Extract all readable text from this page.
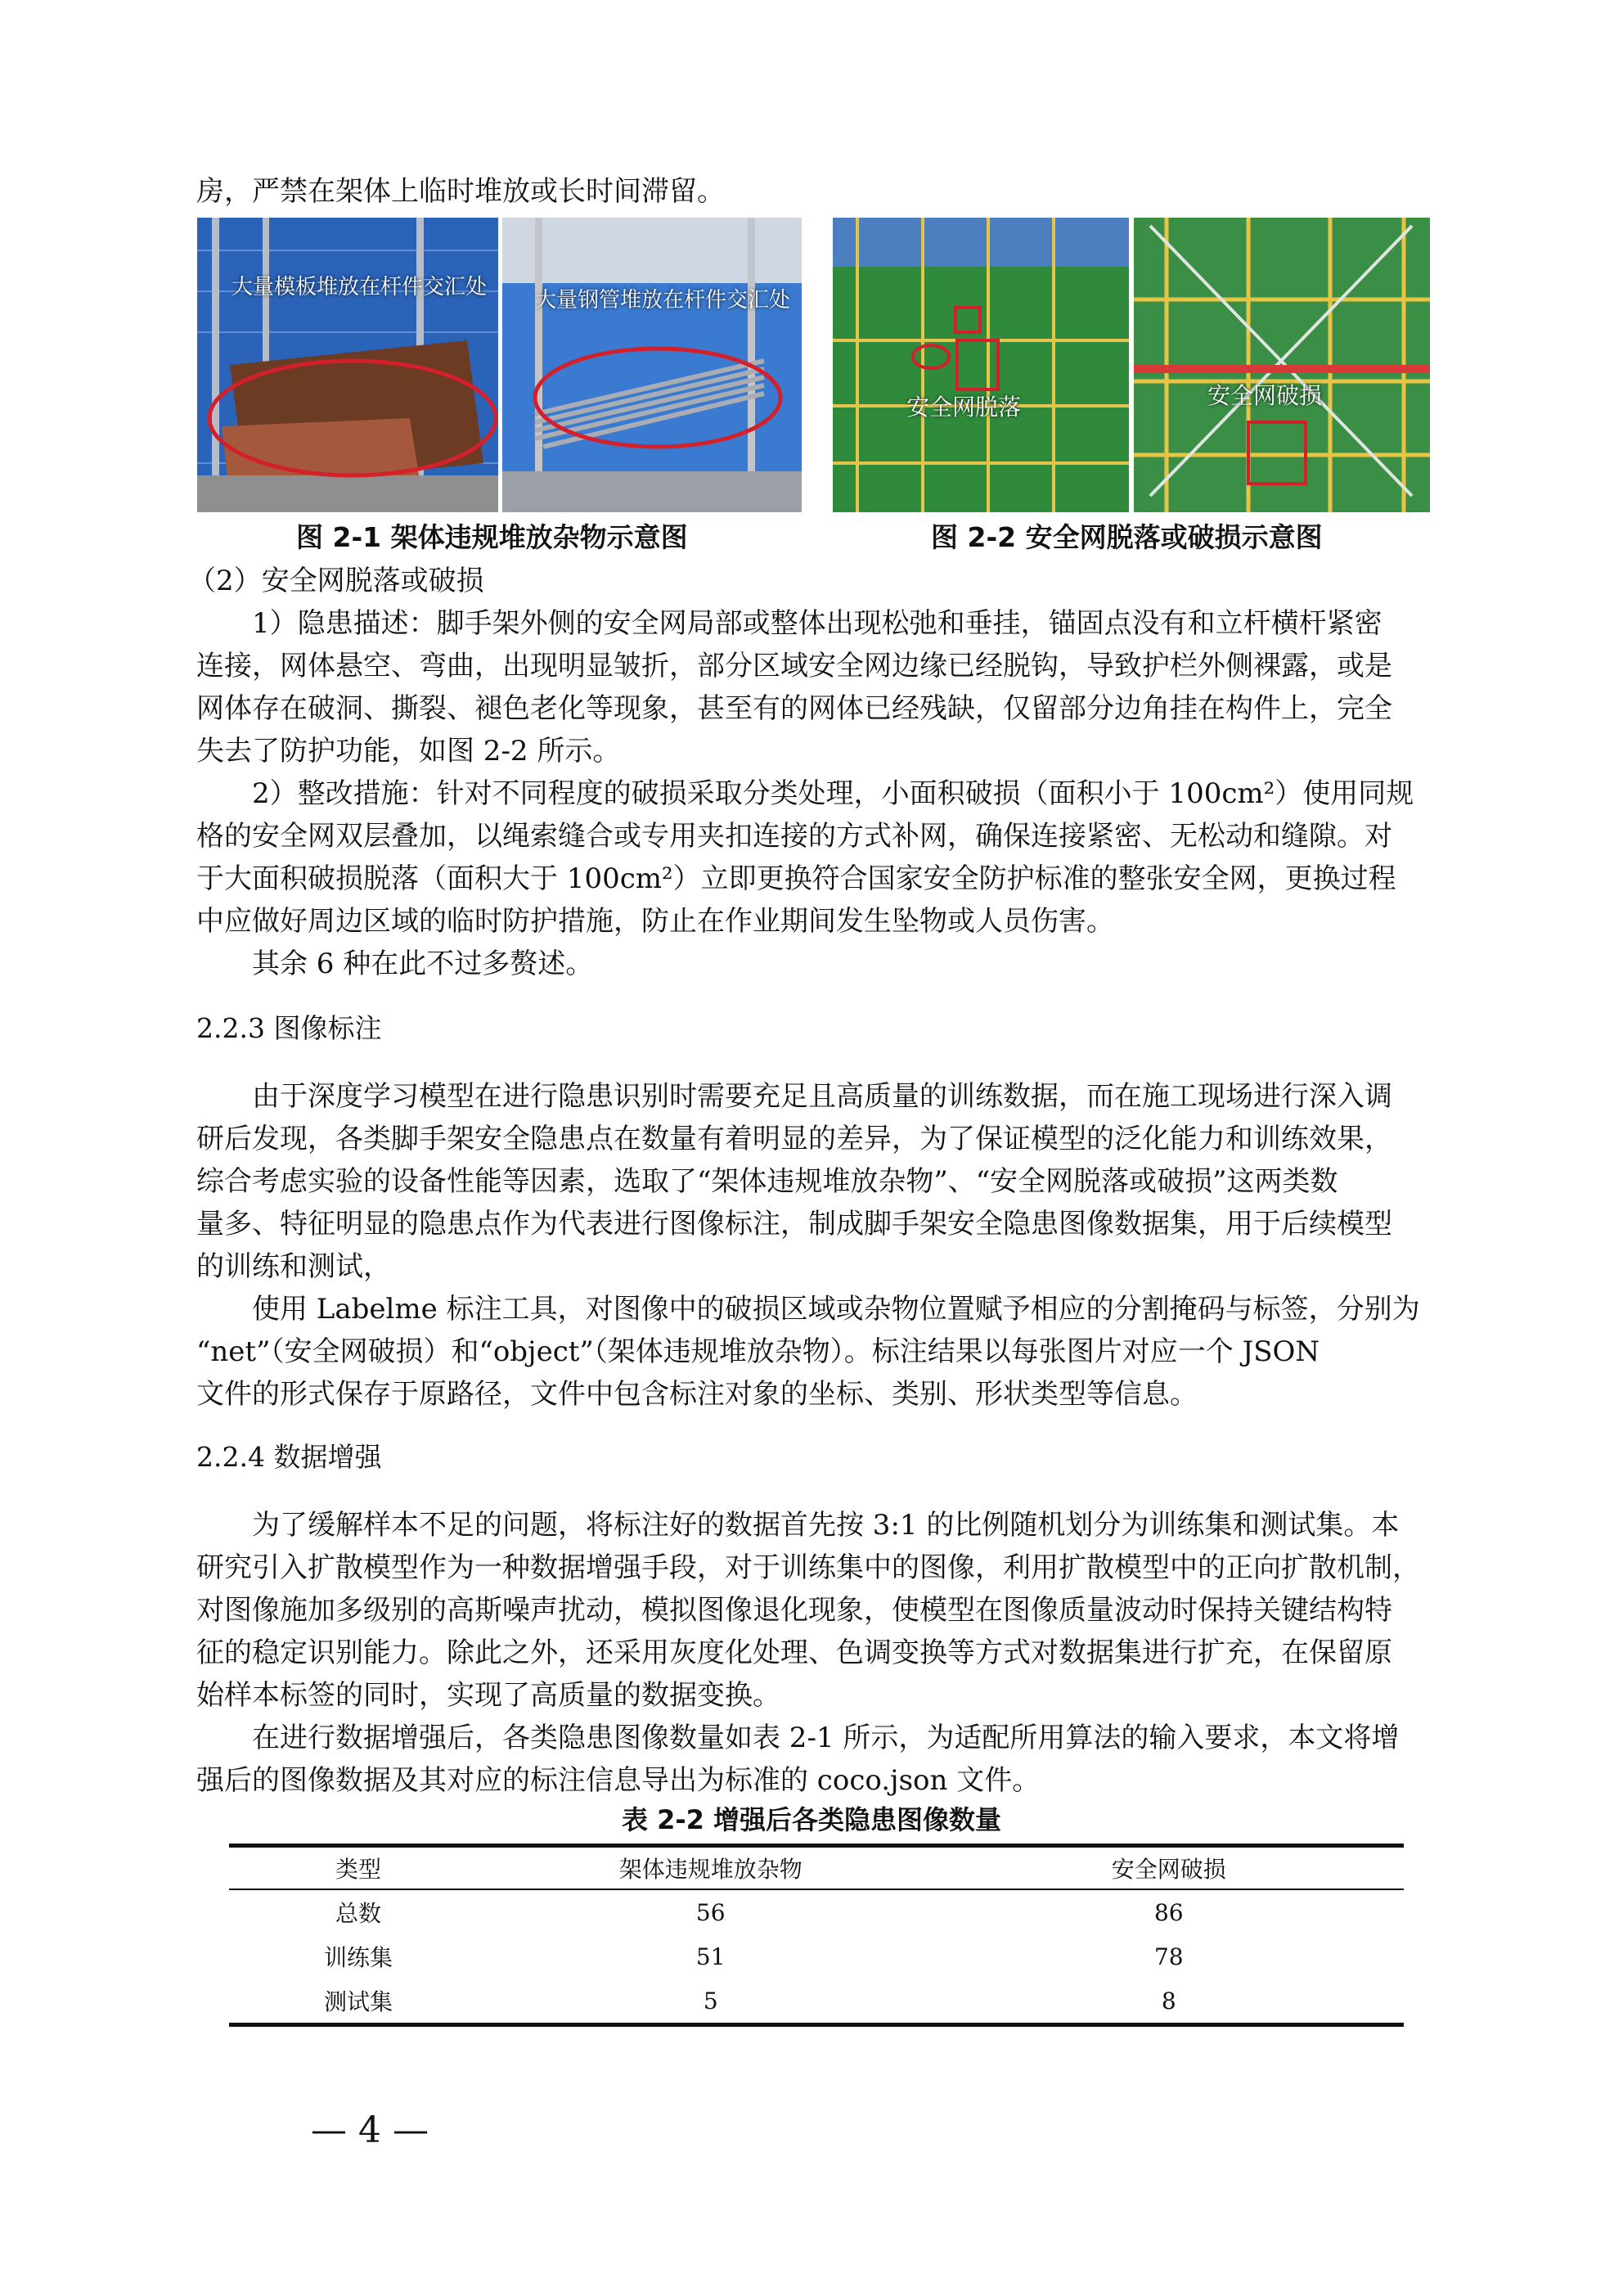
房，严禁在架体上临时堆放或长时间滞留。
大量模板堆放在杆件交汇处
大量钢管堆放在杆件交汇处
安全网脱落	安全网破损
图 2-1 架体违规堆放杂物示意图	图 2-2 安全网脱落或破损示意图
（2）安全网脱落或破损
1）隐患描述：脚手架外侧的安全网局部或整体出现松弛和垂挂，锚固点没有和立杆横杆紧密
连接，网体悬空、弯曲，出现明显皱折，部分区域安全网边缘已经脱钩，导致护栏外侧裸露，或是
网体存在破洞、撕裂、褪色老化等现象，甚至有的网体已经残缺，仅留部分边角挂在构件上，完全
失去了防护功能，如图 2-2 所示。
2）整改措施：针对不同程度的破损采取分类处理，小面积破损（面积小于 100cm²）使用同规
格的安全网双层叠加，以绳索缝合或专用夹扣连接的方式补网，确保连接紧密、无松动和缝隙。对
于大面积破损脱落（面积大于 100cm²）立即更换符合国家安全防护标准的整张安全网，更换过程
中应做好周边区域的临时防护措施，防止在作业期间发生坠物或人员伤害。
其余 6 种在此不过多赘述。
2.2.3 图像标注
由于深度学习模型在进行隐患识别时需要充足且高质量的训练数据，而在施工现场进行深入调
研后发现，各类脚手架安全隐患点在数量有着明显的差异，为了保证模型的泛化能力和训练效果，
综合考虑实验的设备性能等因素，选取了“架体违规堆放杂物”、“安全网脱落或破损”这两类数
量多、特征明显的隐患点作为代表进行图像标注，制成脚手架安全隐患图像数据集，用于后续模型
的训练和测试，
使用 Labelme 标注工具，对图像中的破损区域或杂物位置赋予相应的分割掩码与标签，分别为
“net”（安全网破损）和“object”（架体违规堆放杂物）。标注结果以每张图片对应一个 JSON
文件的形式保存于原路径，文件中包含标注对象的坐标、类别、形状类型等信息。
2.2.4 数据增强
为了缓解样本不足的问题，将标注好的数据首先按 3:1 的比例随机划分为训练集和测试集。本
研究引入扩散模型作为一种数据增强手段，对于训练集中的图像，利用扩散模型中的正向扩散机制，
对图像施加多级别的高斯噪声扰动，模拟图像退化现象，使模型在图像质量波动时保持关键结构特
征的稳定识别能力。除此之外，还采用灰度化处理、色调变换等方式对数据集进行扩充，在保留原
始样本标签的同时，实现了高质量的数据变换。
在进行数据增强后，各类隐患图像数量如表 2-1 所示，为适配所用算法的输入要求，本文将增
强后的图像数据及其对应的标注信息导出为标准的 coco.json 文件。
表 2-2 增强后各类隐患图像数量
类型	架体违规堆放杂物	安全网破损
总数	56	86
训练集	51	78
测试集	5	8
— 4 —
